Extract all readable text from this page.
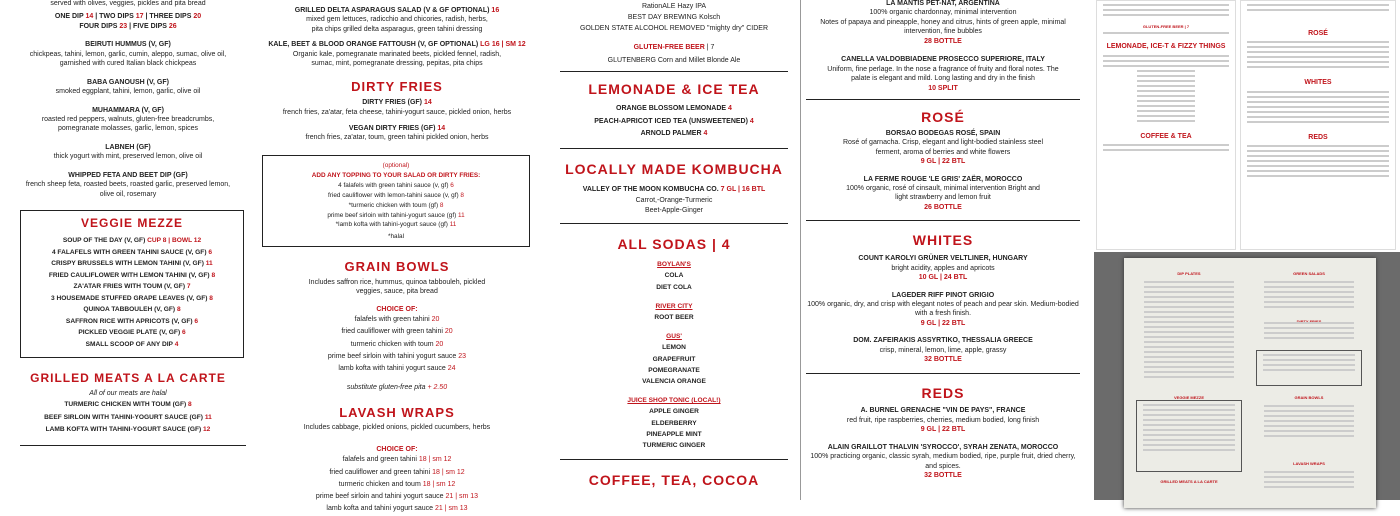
served with olives, veggies, pickles and pita bread

ONE DIP 14 | TWO DIPS 17 | THREE DIPS 20

FOUR DIPS 23 | FIVE DIPS 26

BEIRUTI HUMMUS (V, GF)

chickpeas, tahini, lemon, garlic, cumin, aleppo, sumac, olive oil, garnished with cured Italian black chickpeas

BABA GANOUSH (V, GF)

smoked eggplant, tahini, lemon, garlic, olive oil

MUHAMMARA (V, GF)

roasted red peppers, walnuts, gluten-free breadcrumbs, pomegranate molasses, garlic, lemon, spices

LABNEH (GF)

thick yogurt with mint, preserved lemon, olive oil

WHIPPED FETA AND BEET DIP (GF)

french sheep feta, roasted beets, roasted garlic, preserved lemon, olive oil, rosemary

VEGGIE MEZZE

SOUP OF THE DAY (V, GF) CUP 8 | BOWL 12

4 FALAFELS WITH GREEN TAHINI SAUCE (V, GF) 6

CRISPY BRUSSELS WITH LEMON TAHINI (V, GF) 11

FRIED CAULIFLOWER WITH LEMON TAHINI (V, GF) 8

ZA'ATAR FRIES WITH TOUM (V, GF) 7

3 HOUSEMADE STUFFED GRAPE LEAVES (V, GF) 8

QUINOA TABBOULEH (V, GF) 8

SAFFRON RICE WITH APRICOTS (V, GF) 6

PICKLED VEGGIE PLATE (V, GF) 6

SMALL SCOOP OF ANY DIP 4

GRILLED MEATS A LA CARTE

All of our meats are halal

TURMERIC CHICKEN WITH TOUM (GF) 8

BEEF SIRLOIN WITH TAHINI-YOGURT SAUCE (GF) 11

LAMB KOFTA WITH TAHINI-YOGURT SAUCE (GF) 12

GRILLED DELTA ASPARAGUS SALAD (V & GF OPTIONAL) 16

mixed gem lettuces, radicchio and chicories, radish, herbs, pita chips grilled delta asparagus, green tahini dressing

KALE, BEET & BLOOD ORANGE FATTOUSH (V, GF OPTIONAL) LG 16 | SM 12

Organic kale, pomegranate marinated beets, pickled fennel, radish, sumac, mint, pomegranate dressing, pepitas, pita chips

DIRTY FRIES

DIRTY FRIES (GF) 14

french fries, za'atar, feta cheese, tahini-yogurt sauce, pickled onion, herbs

VEGAN DIRTY FRIES (GF) 14

french fries, za'atar, toum, green tahini pickled onion, herbs

(optional)

ADD ANY TOPPING TO YOUR SALAD OR DIRTY FRIES:

4 falafels with green tahini sauce (v, gf) 6

fried cauliflower with lemon-tahini sauce (v, gf) 8

*turmeric chicken with toum (gf) 8

prime beef sirloin with tahini-yogurt sauce (gf) 11

*lamb kofta with tahini-yogurt sauce (gf) 11

*halal

GRAIN BOWLS

Includes saffron rice, hummus, quinoa tabbouleh, pickled veggies, sauce, pita bread

CHOICE OF:

falafels with green tahini 20

fried cauliflower with green tahini 20

turmeric chicken with toum 20

prime beef sirloin with tahini yogurt sauce 23

lamb kofta with tahini yogurt sauce 24

substitute gluten-free pita + 2.50

LAVASH WRAPS

Includes cabbage, pickled onions, pickled cucumbers, herbs

CHOICE OF:

falafels and green tahini 18 | sm 12

fried cauliflower and green tahini 18 | sm 12

turmeric chicken and toum 18 | sm 12

prime beef sirloin and tahini yogurt sauce 21 | sm 13

lamb kofta and tahini yogurt sauce 21 | sm 13

RationALE Hazy IPA

BEST DAY BREWING Kolsch

GOLDEN STATE ALCOHOL REMOVED "mighty dry" CIDER

GLUTEN-FREE BEER | 7

GLUTENBERG Corn and Millet Blonde Ale

LEMONADE & ICE TEA

ORANGE BLOSSOM LEMONADE 4

PEACH-APRICOT ICED TEA (UNSWEETENED) 4

ARNOLD PALMER 4

LOCALLY MADE KOMBUCHA

VALLEY OF THE MOON KOMBUCHA CO. 7 GL | 16 BTL

Carrot,-Orange-Turmeric

Beet-Apple-Ginger

ALL SODAS | 4

BOYLAN'S

COLA

DIET COLA

RIVER CITY

ROOT BEER

GUS'

LEMON

GRAPEFRUIT

POMEGRANATE

VALENCIA ORANGE

JUICE SHOP TONIC (LOCAL!)

APPLE GINGER

ELDERBERRY

PINEAPPLE MINT

TURMERIC GINGER

COFFEE, TEA, COCOA

LA MANTIS PET-NAT, ARGENTINA

100% organic chardonnay, minimal intervention

Notes of papaya and pineapple, honey and citrus, hints of green apple, minimal intervention, fine bubbles

28 BOTTLE

CANELLA VALDOBBIADENE PROSECCO SUPERIORE, ITALY

Uniform, fine perlage. In the nose a fragrance of fruity and floral notes. The palate is elegant and mild. Long lasting and dry in the finish

10 SPLIT

ROSÉ

BORSAO BODEGAS ROSÉ, SPAIN

Rosé of garnacha. Crisp, elegant and light-bodied stainless steel ferment, aroma of berries and white flowers

9 GL | 22 BTL

LA FERME ROUGE 'LE GRIS' ZAËR, MOROCCO

100% organic, rosé of cinsault, minimal intervention Bright and light strawberry and lemon fruit

26 BOTTLE

WHITES

COUNT KAROLYI GRÜNER VELTLINER, HUNGARY

bright acidity, apples and apricots

10 GL | 24 BTL

LAGEDER RIFF PINOT GRIGIO

100% organic, dry, and crisp with elegant notes of peach and pear skin. Medium-bodied with a fresh finish.

9 GL | 22 BTL

DOM. ZAFEIRAKIS ASSYRTIKO, THESSALIA GREECE

crisp, mineral, lemon, lime, apple, grassy

32 BOTTLE

REDS

A. BURNEL GRENACHE "VIN DE PAYS", FRANCE

red fruit, ripe raspberries, cherries, medium bodied, long finish

9 GL | 22 BTL

ALAIN GRAILLOT THALVIN 'SYROCCO', SYRAH ZENATA, MOROCCO

100% practicing organic, classic syrah, medium bodied, ripe, purple fruit, dried cherry, and spices.

32 BOTTLE

GLUTEN-FREE BEER | 7

LEMONADE, ICE-T & FIZZY THINGS

COFFEE & TEA

ROSÉ

WHITES

REDS

DIP PLATES	GREEN SALADS

VEGGIE MEZZE	GRAIN BOWLS

GRILLED MEATS A LA CARTE

LAVASH WRAPS
